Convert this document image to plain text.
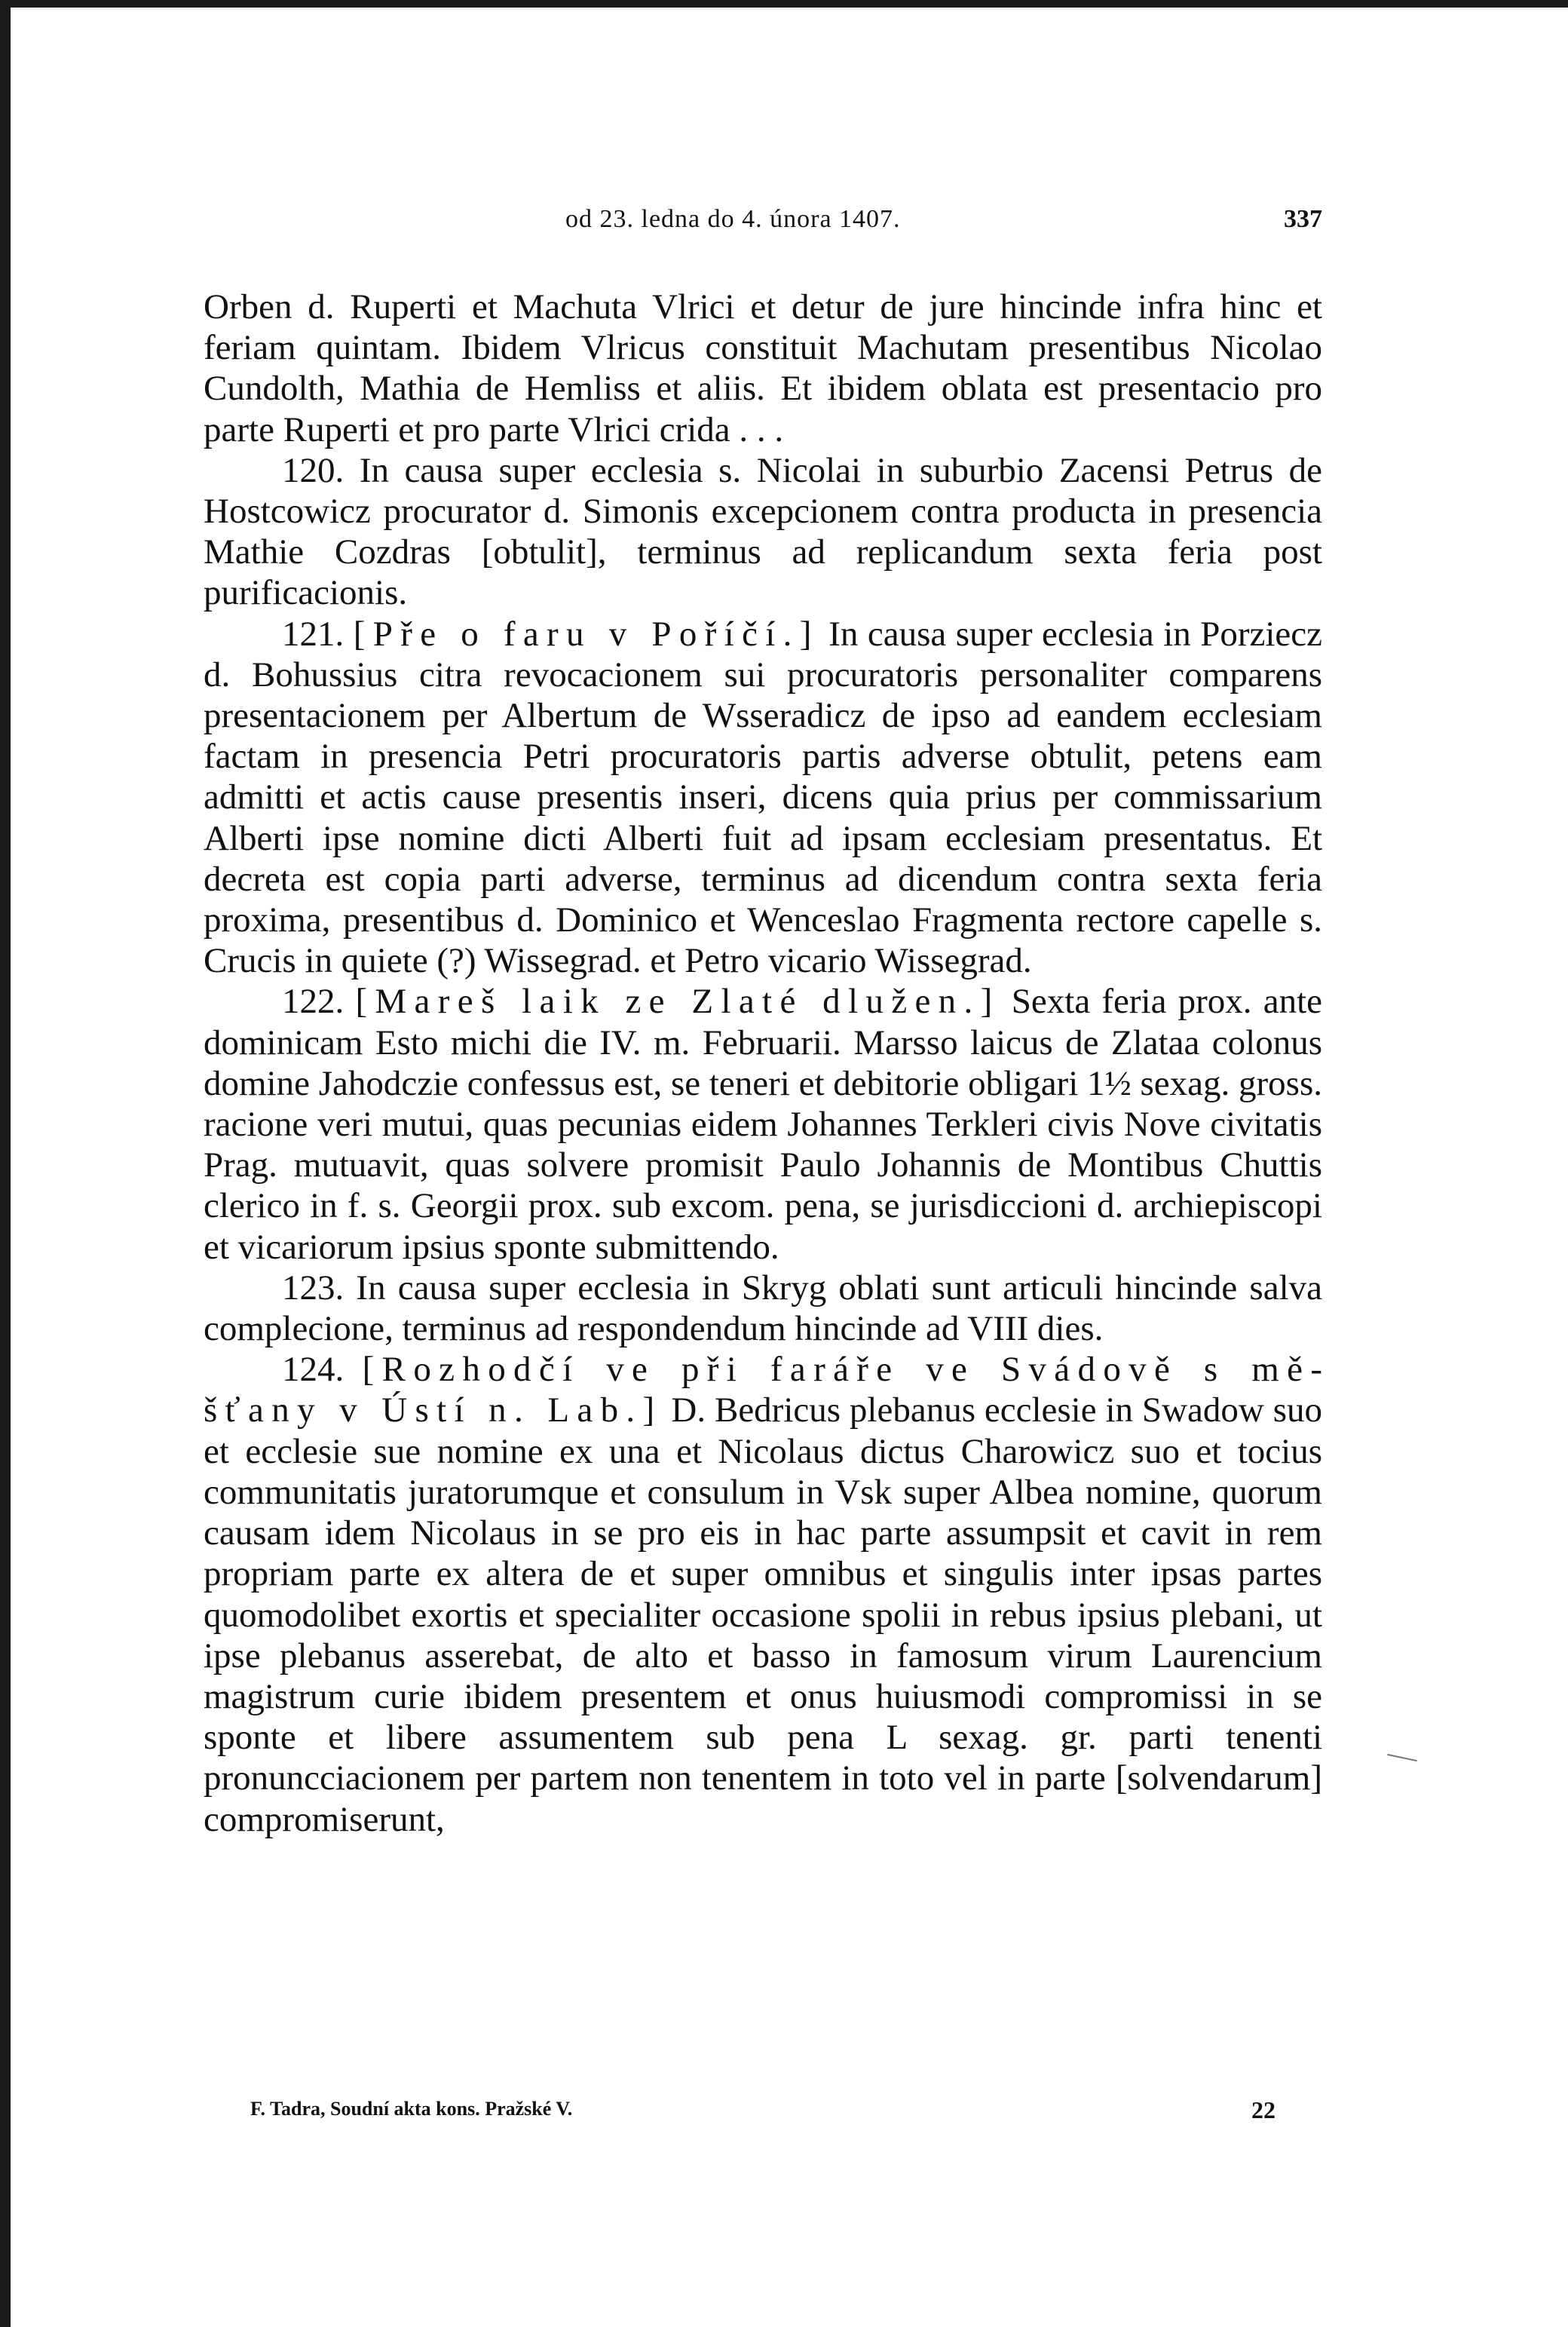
od 23. ledna do 4. února 1407.	337

Orben d. Ruperti et Machuta Vlrici et detur de jure hincinde infra hinc et feriam quintam. Ibidem Vlricus constituit Machutam presentibus Nicolao Cundolth, Mathia de Hemliss et aliis. Et ibidem oblata est presentacio pro parte Ruperti et pro parte Vlrici crida . . .

120. In causa super ecclesia s. Nicolai in suburbio Zacensi Petrus de Hostcowicz procurator d. Simonis excepcionem contra producta in presencia Mathie Cozdras [obtulit], terminus ad replicandum sexta feria post purificacionis.

121. [Pře o faru v Poříčí.] In causa super ecclesia in Porziecz d. Bohussius citra revocacionem sui procuratoris personaliter comparens presentacionem per Albertum de Wsseradicz de ipso ad eandem ecclesiam factam in presencia Petri procuratoris partis adverse obtulit, petens eam admitti et actis cause presentis inseri, dicens quia prius per commissarium Alberti ipse nomine dicti Alberti fuit ad ipsam ecclesiam presentatus. Et decreta est copia parti adverse, terminus ad dicendum contra sexta feria proxima, presentibus d. Dominico et Wenceslao Fragmenta rectore capelle s. Crucis in quiete (?) Wissegrad. et Petro vicario Wissegrad.

122. [Mareš laik ze Zlaté dlužen.] Sexta feria prox. ante dominicam Esto michi die IV. m. Februarii. Marsso laicus de Zlataa colonus domine Jahodczie confessus est, se teneri et debitorie obligari 1½ sexag. gross. racione veri mutui, quas pecunias eidem Johannes Terkleri civis Nove civitatis Prag. mutuavit, quas solvere promisit Paulo Johannis de Montibus Chuttis clerico in f. s. Georgii prox. sub excom. pena, se jurisdiccioni d. archiepiscopi et vicariorum ipsius sponte submittendo.

123. In causa super ecclesia in Skryg oblati sunt articuli hincinde salva complecione, terminus ad respondendum hincinde ad VIII dies.

124. [Rozhodčí ve při faráře ve Svádově s měšťany v Ústí n. Lab.] D. Bedricus plebanus ecclesie in Swadow suo et ecclesie sue nomine ex una et Nicolaus dictus Charowicz suo et tocius communitatis juratorumque et consulum in Vsk super Albea nomine, quorum causam idem Nicolaus in se pro eis in hac parte assumpsit et cavit in rem propriam parte ex altera de et super omnibus et singulis inter ipsas partes quomodolibet exortis et specialiter occasione spolii in rebus ipsius plebani, ut ipse plebanus asserebat, de alto et basso in famosum virum Laurencium magistrum curie ibidem presentem et onus huiusmodi compromissi in se sponte et libere assumentem sub pena L sexag. gr. parti tenenti pronuncciacionem per partem non tenentem in toto vel in parte [solvendarum] compromiserunt,

F. Tadra, Soudní akta kons. Pražské V.	22
